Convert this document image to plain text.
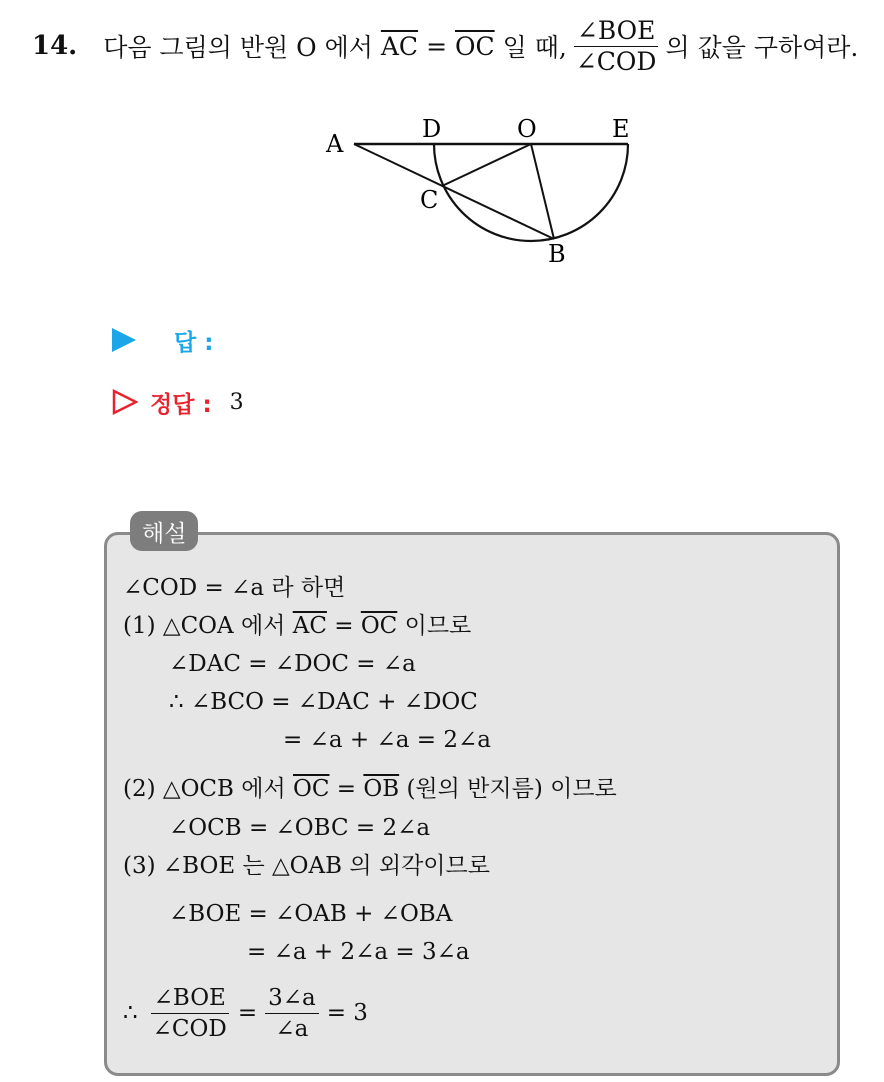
14. 다음 그림의 반원 O 에서 $\overline{AC} = \overline{OC}$ 일 때, $\frac{\text{∠BOE}}{\text{∠COD}}$ 의 값을 구하여라.
A
D	O	E
C
B
답 :
정답 : 3
∠COD = ∠a 라 하면
(1) △COA 에서 $\overline{AC} = \overline{OC}$ 이므로
∠DAC = ∠DOC = ∠a
∴ ∠BCO = ∠DAC + ∠DOC
= ∠a + ∠a = 2∠a
(2) △OCB 에서 $\overline{OC} = \overline{OB}$ (원의 반지름) 이므로
∠OCB = ∠OBC = 2∠a
(3) ∠BOE 는 △OAB 의 외각이므로
∠BOE = ∠OAB + ∠OBA
= ∠a + 2∠a = 3∠a
∴ $\frac{\text{∠BOE}}{\text{∠COD}} = \frac{3\angle a}{\angle a} = 3$
해설
